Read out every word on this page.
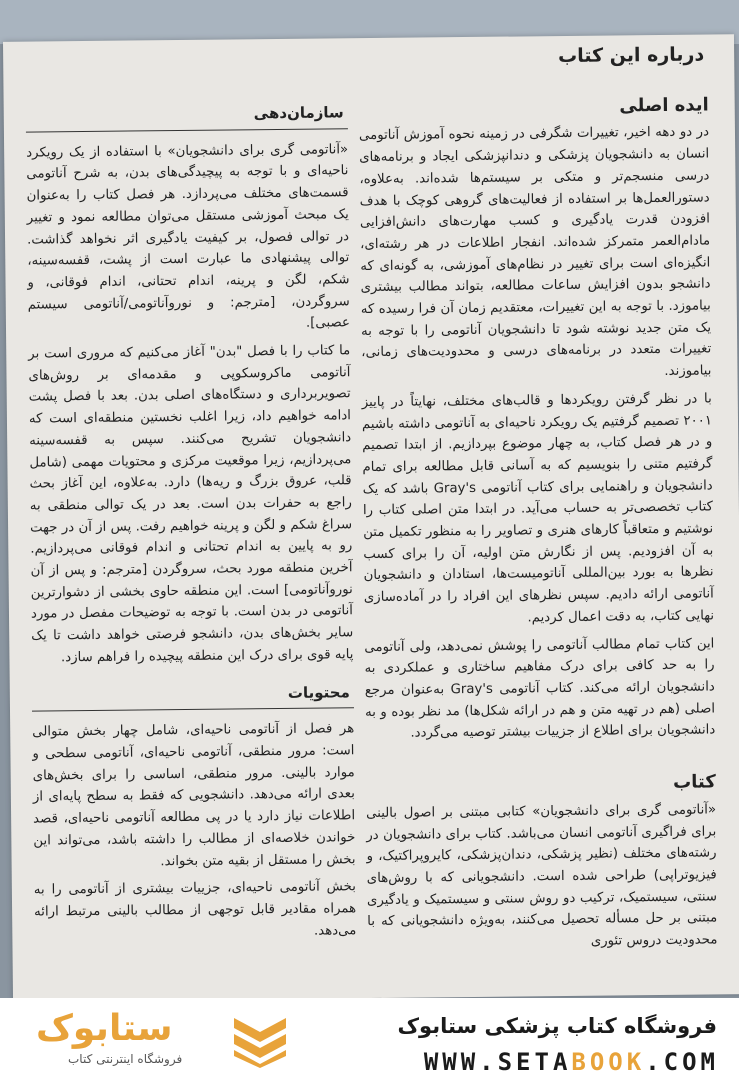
درباره این کتاب
ایده اصلی

در دو دهه اخیر، تغییرات شگرفی در زمینه نحوه آموزش آناتومی انسان به دانشجویان پزشکی و دندانپزشکی ایجاد و برنامه‌های درسی منسجم‌تر و متکی بر سیستم‌ها شده‌اند. به‌علاوه، دستورالعمل‌ها بر استفاده از فعالیت‌های گروهی کوچک با هدف افزودن قدرت یادگیری و کسب مهارت‌های دانش‌افزایی مادام‌العمر متمرکز شده‌اند. انفجار اطلاعات در هر رشته‌ای، انگیزه‌ای است برای تغییر در نظام‌های آموزشی، به گونه‌ای که دانشجو بدون افزایش ساعات مطالعه، بتواند مطالب بیشتری بیاموزد. با توجه به این تغییرات، معتقدیم زمان آن فرا رسیده که یک متن جدید نوشته شود تا دانشجویان آناتومی را با توجه به تغییرات متعدد در برنامه‌های درسی و محدودیت‌های زمانی، بیاموزند.

با در نظر گرفتن رویکردها و قالب‌های مختلف، نهایتاً در پاییز ۲۰۰۱ تصمیم گرفتیم یک رویکرد ناحیه‌ای به آناتومی داشته باشیم و در هر فصل کتاب، به چهار موضوع بپردازیم. از ابتدا تصمیم گرفتیم متنی را بنویسیم که به آسانی قابل مطالعه برای تمام دانشجویان و راهنمایی برای کتاب آناتومی Gray's باشد که یک کتاب تخصصی‌تر به حساب می‌آید. در ابتدا متن اصلی کتاب را نوشتیم و متعاقباً کارهای هنری و تصاویر را به منظور تکمیل متن به آن افزودیم. پس از نگارش متن اولیه، آن را برای کسب نظرها به بورد بین‌المللی آناتومیست‌ها، استادان و دانشجویان آناتومی ارائه دادیم. سپس نظرهای این افراد را در آماده‌سازی نهایی کتاب، به دقت اعمال کردیم.

این کتاب تمام مطالب آناتومی را پوشش نمی‌دهد، ولی آناتومی را به حد کافی برای درک مفاهیم ساختاری و عملکردی به دانشجویان ارائه می‌کند. کتاب آناتومی Gray's به‌عنوان مرجع اصلی (هم در تهیه متن و هم در ارائه شکل‌ها) مد نظر بوده و به دانشجویان برای اطلاع از جزییات بیشتر توصیه می‌گردد.

کتاب

«آناتومی گری برای دانشجویان» کتابی مبتنی بر اصول بالینی برای فراگیری آناتومی انسان می‌باشد. کتاب برای دانشجویان در رشته‌های مختلف (نظیر پزشکی، دندان‌پزشکی، کایروپراکتیک، و فیزیوتراپی) طراحی شده است. دانشجویانی که با روش‌های سنتی، سیستمیک، ترکیب دو روش سنتی و سیستمیک و یادگیری مبتنی بر حل مسأله تحصیل می‌کنند، به‌ویژه دانشجویانی که با محدودیت دروس تئوری

سازمان‌دهی

«آناتومی گری برای دانشجویان» با استفاده از یک رویکرد ناحیه‌ای و با توجه به پیچیدگی‌های بدن، به شرح آناتومی قسمت‌های مختلف می‌پردازد. هر فصل کتاب را به‌عنوان یک مبحث آموزشی مستقل می‌توان مطالعه نمود و تغییر در توالی فصول، بر کیفیت یادگیری اثر نخواهد گذاشت. توالی پیشنهادی ما عبارت است از پشت، قفسه‌سینه، شکم، لگن و پرینه، اندام تحتانی، اندام فوقانی، و سروگردن، [مترجم: و نوروآناتومی/آناتومی سیستم عصبی].

ما کتاب را با فصل "بدن" آغاز می‌کنیم که مروری است بر آناتومی ماکروسکوپی و مقدمه‌ای بر روش‌های تصویربرداری و دستگاه‌های اصلی بدن. بعد با فصل پشت ادامه خواهیم داد، زیرا اغلب نخستین منطقه‌ای است که دانشجویان تشریح می‌کنند. سپس به قفسه‌سینه می‌پردازیم، زیرا موقعیت مرکزی و محتویات مهمی (شامل قلب، عروق بزرگ و ریه‌ها) دارد. به‌علاوه، این آغاز بحث راجع به حفرات بدن است. بعد در یک توالی منطقی به سراغ شکم و لگن و پرینه خواهیم رفت. پس از آن در جهت رو به پایین به اندام تحتانی و اندام فوقانی می‌پردازیم. آخرین منطقه مورد بحث، سروگردن [مترجم: و پس از آن نوروآناتومی] است. این منطقه حاوی بخشی از دشوارترین آناتومی در بدن است. با توجه به توضیحات مفصل در مورد سایر بخش‌های بدن، دانشجو فرصتی خواهد داشت تا یک پایه قوی برای درک این منطقه پیچیده را فراهم سازد.

محتویات

هر فصل از آناتومی ناحیه‌ای، شامل چهار بخش متوالی است: مرور منطقی، آناتومی ناحیه‌ای، آناتومی سطحی و موارد بالینی. مرور منطقی، اساسی را برای بخش‌های بعدی ارائه می‌دهد. دانشجویی که فقط به سطح پایه‌ای از اطلاعات نیاز دارد یا در پی مطالعه آناتومی ناحیه‌ای، قصد خواندن خلاصه‌ای از مطالب را داشته باشد، می‌تواند این بخش را مستقل از بقیه متن بخواند.

بخش آناتومی ناحیه‌ای، جزییات بیشتری از آناتومی را به همراه مقادیر قابل توجهی از مطالب بالینی مرتبط ارائه می‌دهد.

ستابوک
فروشگاه اینترنتی کتاب
فروشگاه کتاب پزشکی ستابوک
WWW.SETABOOK.COM
